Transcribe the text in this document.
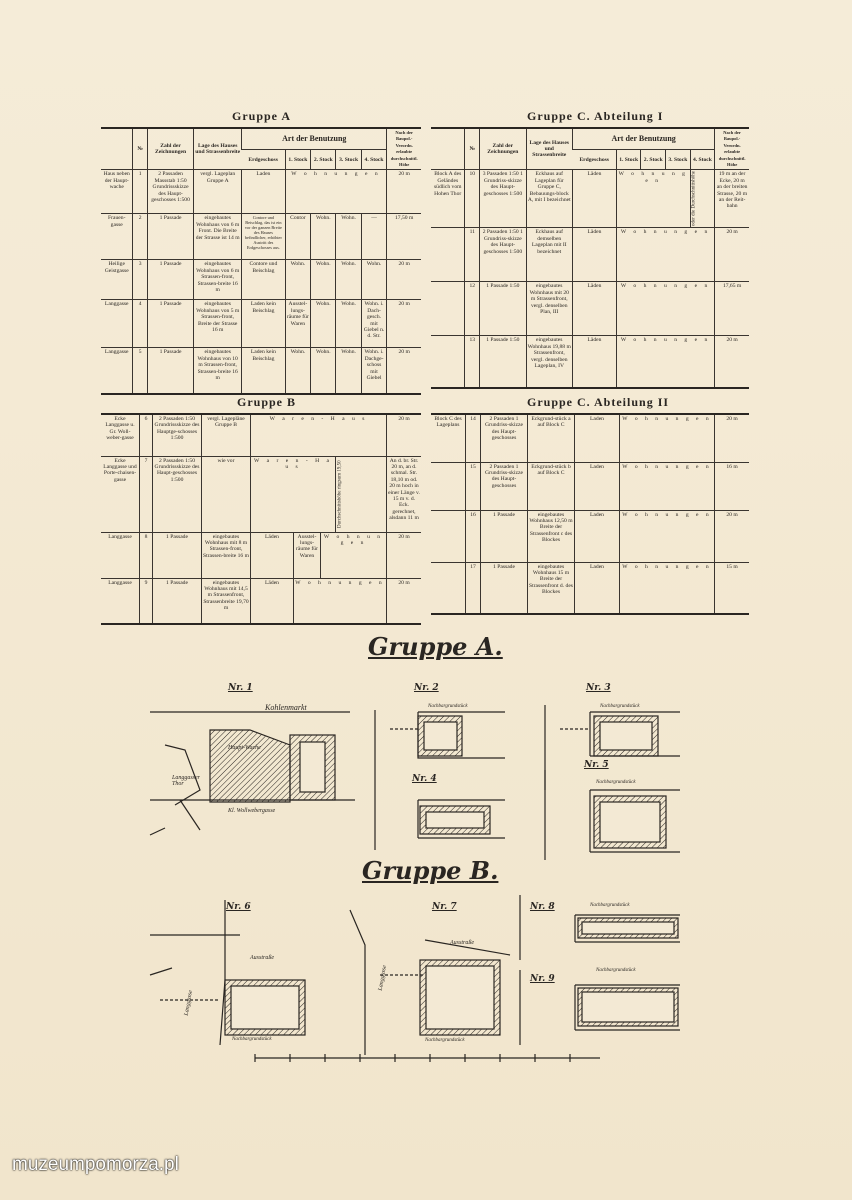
Gruppe A	Gruppe C. Abteilung I
Gruppe B	Gruppe C. Abteilung II
	№	Zahl der Zeichnungen	Lage des Hauses und Strassenbreite	Art der Benutzung					Nach der Baupol.-Verordn. erlaubte durchschnittl. Höhe
				Erdgeschoss	1. Stock	2. Stock	3. Stock	4. Stock	
Haus neben der Haupt-wache	1	2 Passaden Massstab 1:50 Grundrissskizze des Haupt-geschosses 1:500	vergl. Lageplan Gruppe A	Laden	W o h n u n g e n				20 m
Frauen-gasse	2	1 Passade	eingebautes Wohnhaus von 6 m Front. Die Breite der Strasse ist 14 m	Contore und Beischlag, das ist ein vor der ganzen Breite des Hauses befindlicher, erhöhter Austritt des Erdgeschosses aus.	Contor	Wohn.	Wohn.	—	17,50 m
Heilige Geistgasse	3	1 Passade	eingebautes Wohnhaus von 6 m Strassen-front, Strassen-breite 16 m	Contore und Beischlag	Wohn.	Wohn.	Wohn.	Wohn.	20 m
Langgasse	4	1 Passade	eingebautes Wohnhaus von 5 m Strassen-front, Breite der Strasse 16 m	Laden kein Beischlag	Ausstel-lungs-räume für Waren	Wohn.	Wohn.	Wohn. i. Dach-gesch. mit Giebel n. d. Str.	20 m
Langgasse	5	1 Passade	eingebautes Wohnhaus von 10 m Strassen-front, Strassen-breite 16 m	Laden kein Beischlag	Wohn.	Wohn.	Wohn.	Wohn. i. Dachge-schoss mit Giebel	20 m
	№	Zahl der Zeichnungen	Lage des Hauses und Strassenbreite	Art der Benutzung					Nach der Baupol.-Verordn. erlaubte durchschnittl. Höhe
				Erdgeschoss	1. Stock	2. Stock	3. Stock	4. Stock	
Block A des Geländes südlich vom Hohen Thor	10	3 Passaden 1:50 1 Grundriss-skizze des Haupt-geschosses 1:500	Eckhaus auf Lageplan für Gruppe C, Bebauungs-block A, mit I bezeichnet	Läden	W o h n u n g e n			oder die Durchschnittshöhe	19 m an der Ecke, 20 m an der breiten Strasse, 20 m an der Reit-bahn
	11	2 Passaden 1:50 1 Grundriss-skizze des Haupt-geschosses 1:500	Eckhaus auf demselben Lageplan mit II bezeichnet	Läden	W o h n u n g e n				20 m
	12	1 Passade 1:50	eingebautes Wohnhaus mit 20 m Strassenfront, vergl. denselben Plan, III	Läden	W o h n u n g e n				17,65 m
	13	1 Passade 1:50	eingebautes Wohnhaus 19,88 m Strassenfront, vergl. denselben Lageplan, IV	Läden	W o h n u n g e n				20 m
Ecke Langgasse u. Gr. Woll-weber-gasse	6	2 Passaden 1:50 Grundrissskizze des Hauptge-schosses 1:500	vergl. Lagepläne Gruppe B	W a r e n - H a u s				20 m
Ecke Langgasse und Porte-chaisen-gasse	7	2 Passaden 1:50 Grundrissskizze des Haupt-geschosses 1:500	wie vor	W a r e n - H a u s			Durchschnittshöhe ringsum 19,50	An d. br. Str. 20 m, an d. schmal. Str. 18,10 m od. 20 m hoch in einer Länge v. 15 m v. d. Eck. gerechnet, alsdann 11 m
Langgasse	8	1 Passade	eingebautes Wohnhaus mit 8 m Strassen-front, Strassen-breite 16 m	Läden	Ausstel-lungs-räume für Waren	W o h n u n g e n		20 m
Langgasse	9	1 Passade	eingebautes Wohnhaus mit 14,5 m Strassenfront, Strassenbreite 19,70 m	Läden	W o h n u n g e n			20 m
Block C des Lageplans	14	2 Passaden 1 Grundriss-skizze des Haupt-geschosses	Eckgrund-stück a auf Block C	Laden	W o h n u n g e n	20 m
	15	2 Passaden 1 Grundriss-skizze des Haupt-geschosses	Eckgrund-stück b auf Block C	Laden	W o h n u n g e n	16 m
	16	1 Passade	eingebautes Wohnhaus 12,50 m Breite der Strassenfront c des Blockes	Laden	W o h n u n g e n	20 m
	17	1 Passade	eingebautes Wohnhaus 15 m Breite der Strassenfront d. des Blockes	Laden	W o h n u n g e n	15 m
Gruppe A.
Gruppe B.
Nr. 1	Nr. 2	Nr. 3
Nr. 4
Nr. 5
Nr. 6	Nr. 7	Nr. 8
Nr. 9
Kohlenmarkt
Haupt-Wache
Langgasser Thor
Kl. Wollwebergasse
Nachbargrundstück	Nachbargrundstück
Nachbargrundstück
Nachbargrundstück
Nachbargrundstück
Nachbargrundstück	Nachbargrundstück
Ausstraße
Ausstraße
Langgasse
Langgasse
muzeumpomorza.pl
